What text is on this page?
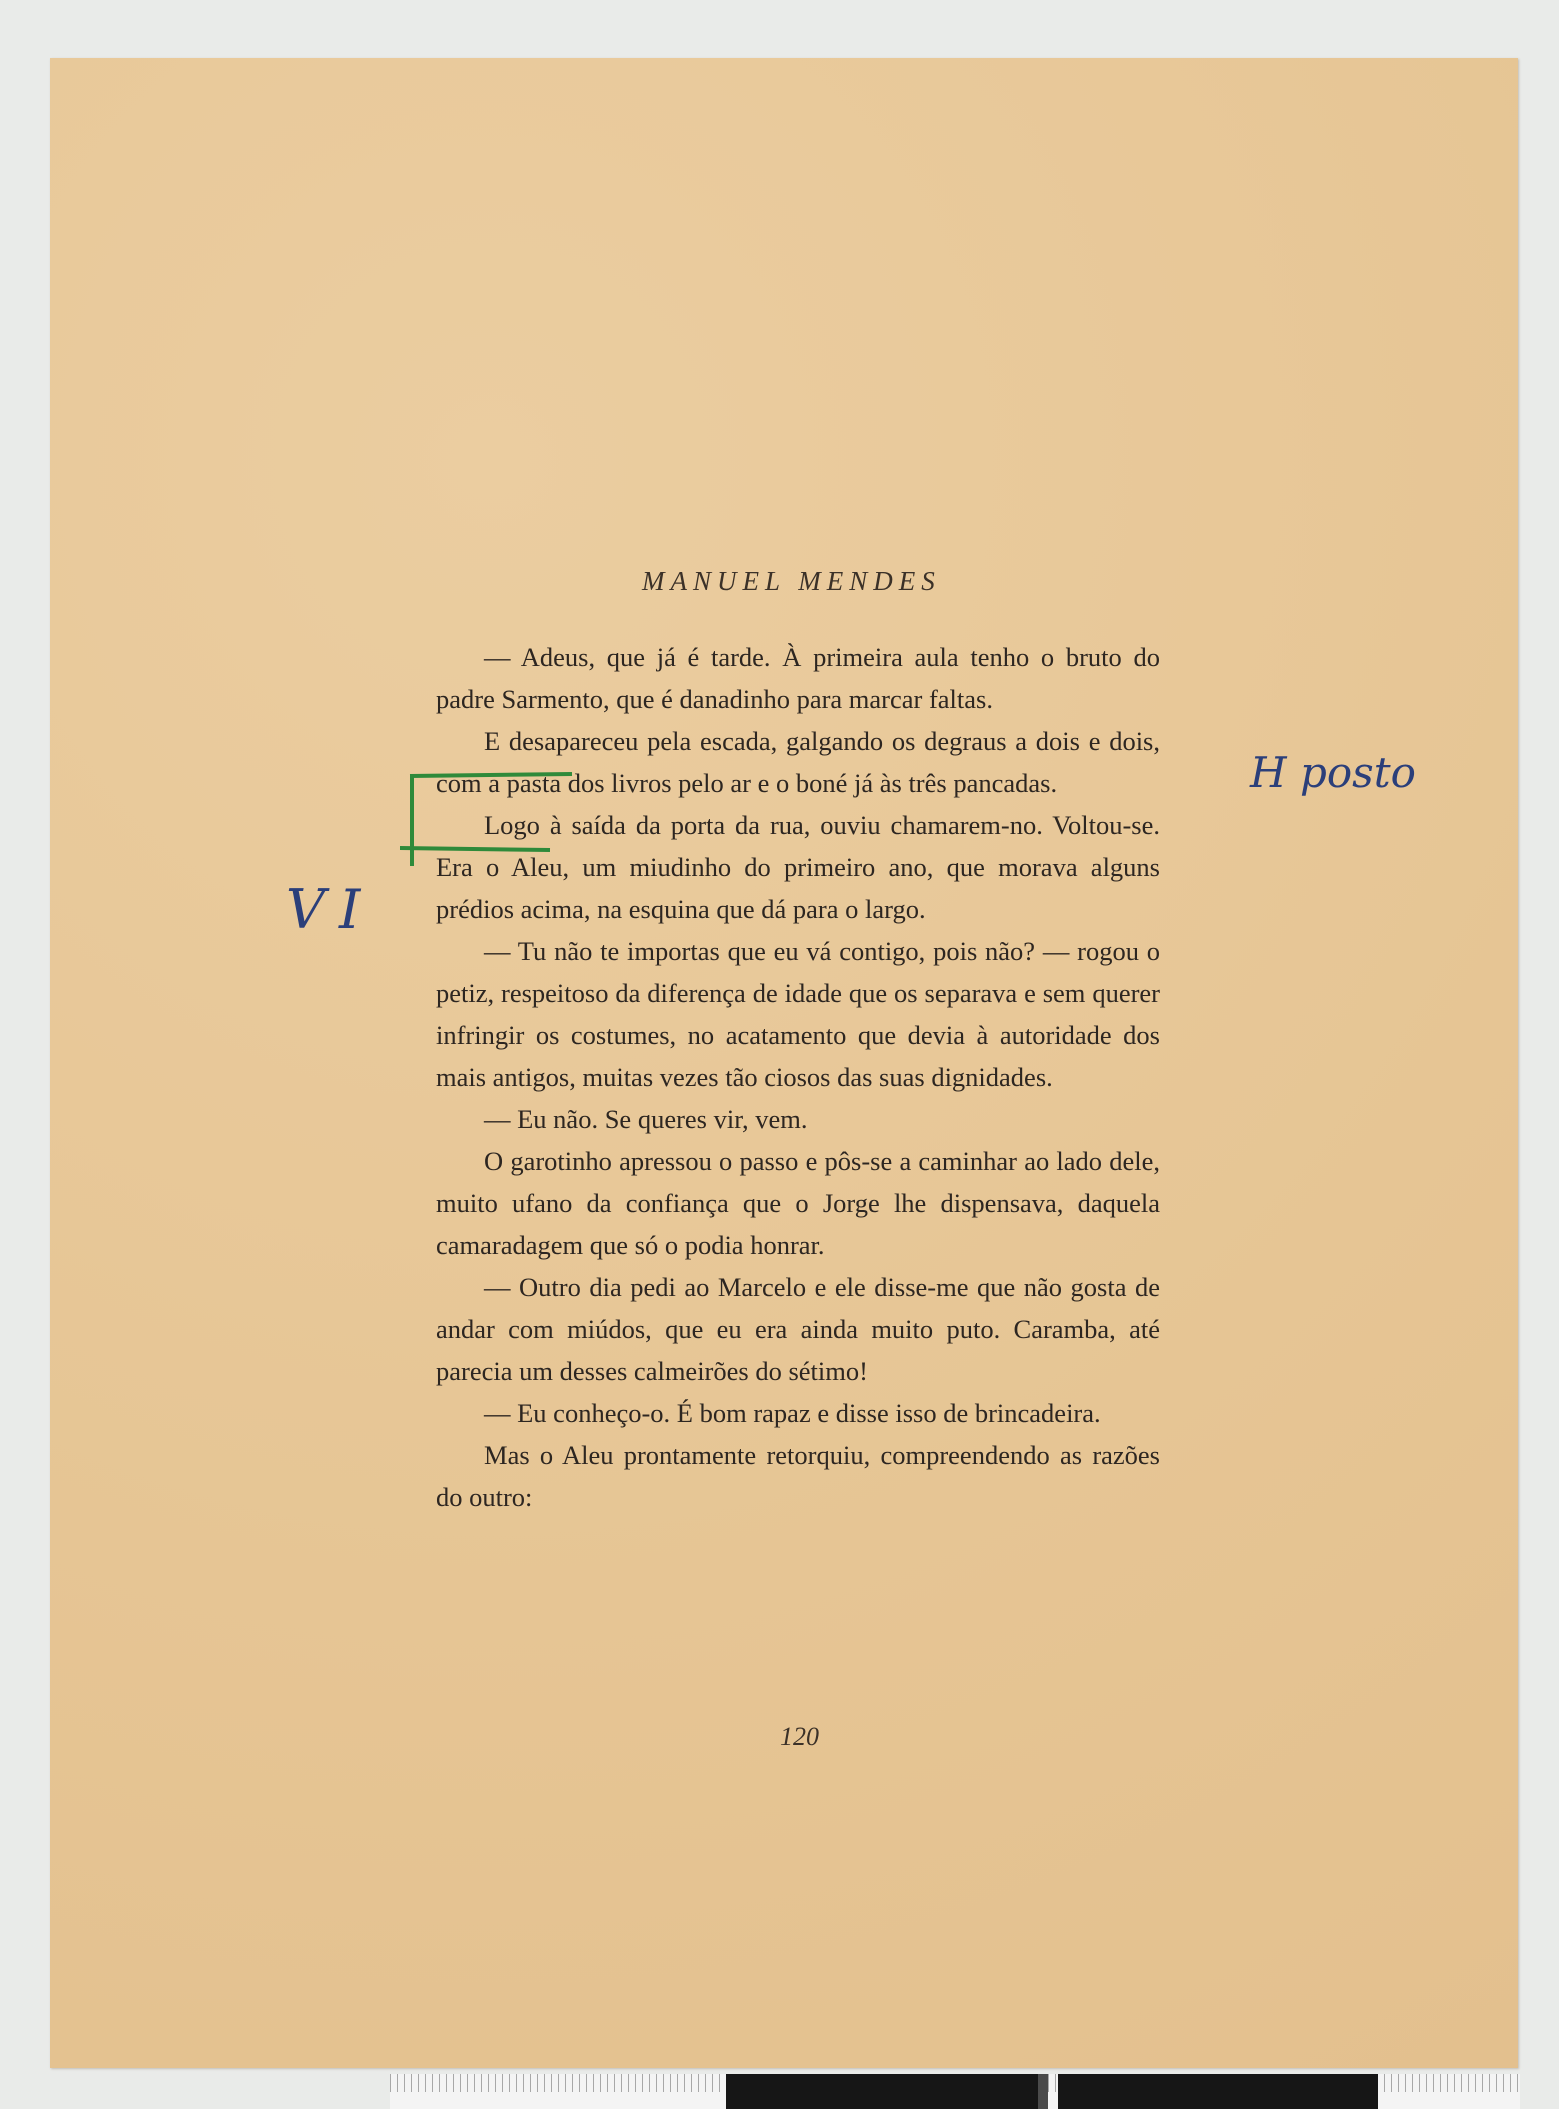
MANUEL MENDES
VI
H posto

— Adeus, que já é tarde. À primeira aula tenho o bruto do padre Sarmento, que é danadinho para marcar faltas.

E desapareceu pela escada, galgando os degraus a dois e dois, com a pasta dos livros pelo ar e o boné já às três pancadas.

Logo à saída da porta da rua, ouviu chamarem-no. Voltou-se. Era o Aleu, um miudinho do primeiro ano, que morava alguns prédios acima, na esquina que dá para o largo.

— Tu não te importas que eu vá contigo, pois não? — rogou o petiz, respeitoso da diferença de idade que os separava e sem querer infringir os costumes, no acatamento que devia à autoridade dos mais antigos, muitas vezes tão ciosos das suas dignidades.

— Eu não. Se queres vir, vem.

O garotinho apressou o passo e pôs-se a caminhar ao lado dele, muito ufano da confiança que o Jorge lhe dispensava, daquela camaradagem que só o podia honrar.

— Outro dia pedi ao Marcelo e ele disse-me que não gosta de andar com miúdos, que eu era ainda muito puto. Caramba, até parecia um desses calmeirões do sétimo!

— Eu conheço-o. É bom rapaz e disse isso de brincadeira.

Mas o Aleu prontamente retorquiu, compreendendo as razões do outro:

120
